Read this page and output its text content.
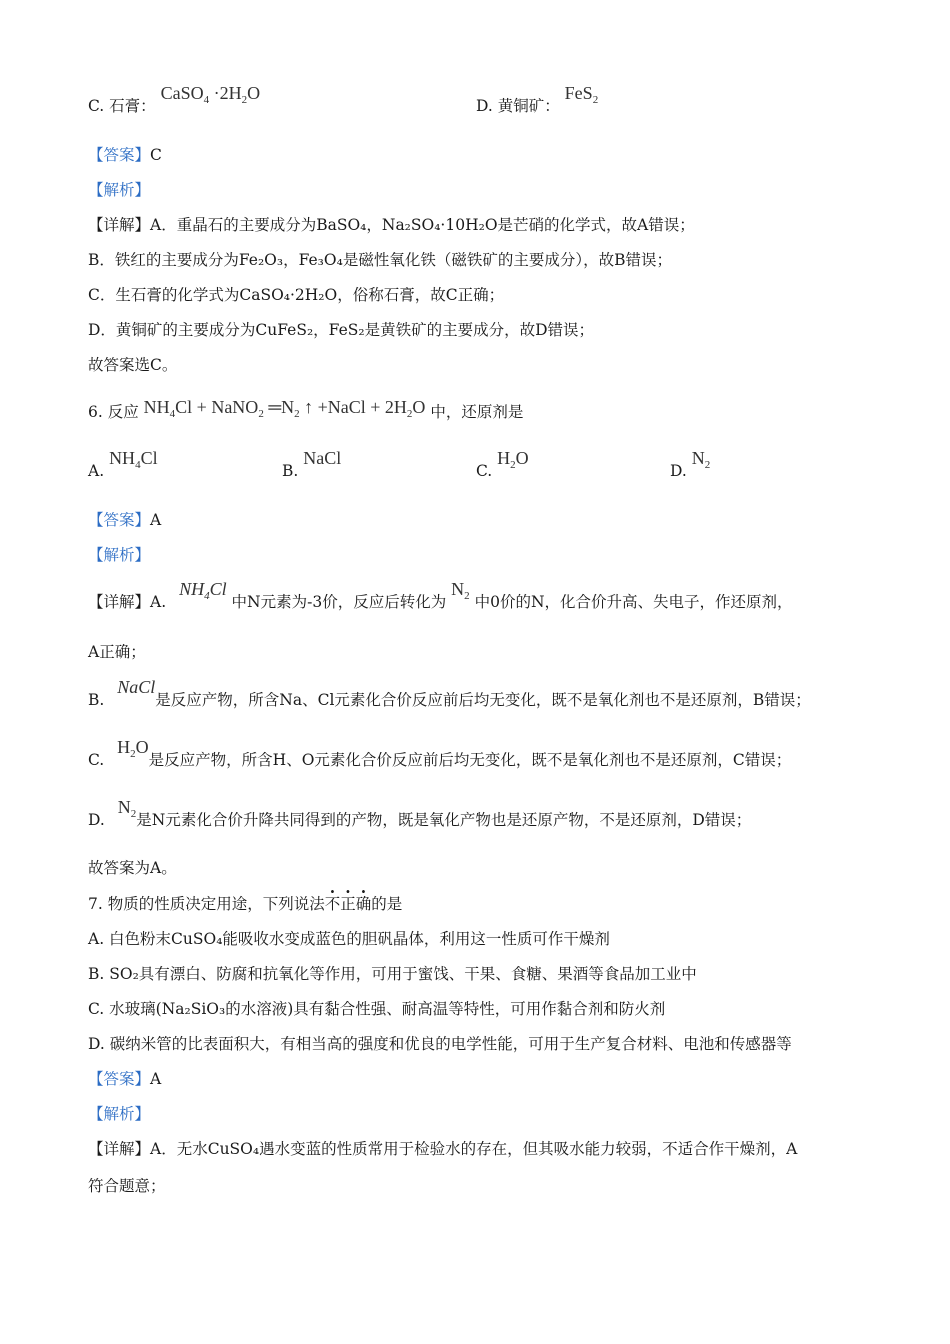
C. 石膏： CaSO$_4$ $\cdot 2H_2O$
D. 黄铜矿： FeS$_2$
【答案】C
【解析】
【详解】A．重晶石的主要成分为BaSO₄，Na₂SO₄·10H₂O是芒硝的化学式，故A错误；
B．铁红的主要成分为Fe₂O₃，Fe₃O₄是磁性氧化铁（磁铁矿的主要成分），故B错误；
C．生石膏的化学式为CaSO₄·2H₂O，俗称石膏，故C正确；
D．黄铜矿的主要成分为CuFeS₂，FeS₂是黄铁矿的主要成分，故D错误；
故答案选C。
6. 反应 $NH_4Cl$ + NaNO$_2$ $═N_2$ ↑ +NaCl + $2H_2O$ 中，还原剂是
A. $NH_4Cl$
B. NaCl
C. $H_2O$
D. $N_2$
【答案】A
【解析】
【详解】A. $NH_4Cl$ 中N元素为-3价，反应后转化为 $N_2$ 中0价的N，化合价升高、失电子，作还原剂，
A正确；
B. NaCl是反应产物，所含Na、Cl元素化合价反应前后均无变化，既不是氧化剂也不是还原剂，B错误；
C. $H_2O$是反应产物，所含H、O元素化合价反应前后均无变化，既不是氧化剂也不是还原剂，C错误；
D. $N_2$是N元素化合价升降共同得到的产物，既是氧化产物也是还原产物，不是还原剂，D错误；
故答案为A。
7. 物质的性质决定用途，下列说法不正确的是
A. 白色粉末CuSO₄能吸收水变成蓝色的胆矾晶体，利用这一性质可作干燥剂
B. SO₂具有漂白、防腐和抗氧化等作用，可用于蜜饯、干果、食糖、果酒等食品加工业中
C. 水玻璃(Na₂SiO₃的水溶液)具有黏合性强、耐高温等特性，可用作黏合剂和防火剂
D. 碳纳米管的比表面积大，有相当高的强度和优良的电学性能，可用于生产复合材料、电池和传感器等
【答案】A
【解析】
【详解】A．无水CuSO₄遇水变蓝的性质常用于检验水的存在，但其吸水能力较弱，不适合作干燥剂，A
符合题意；
